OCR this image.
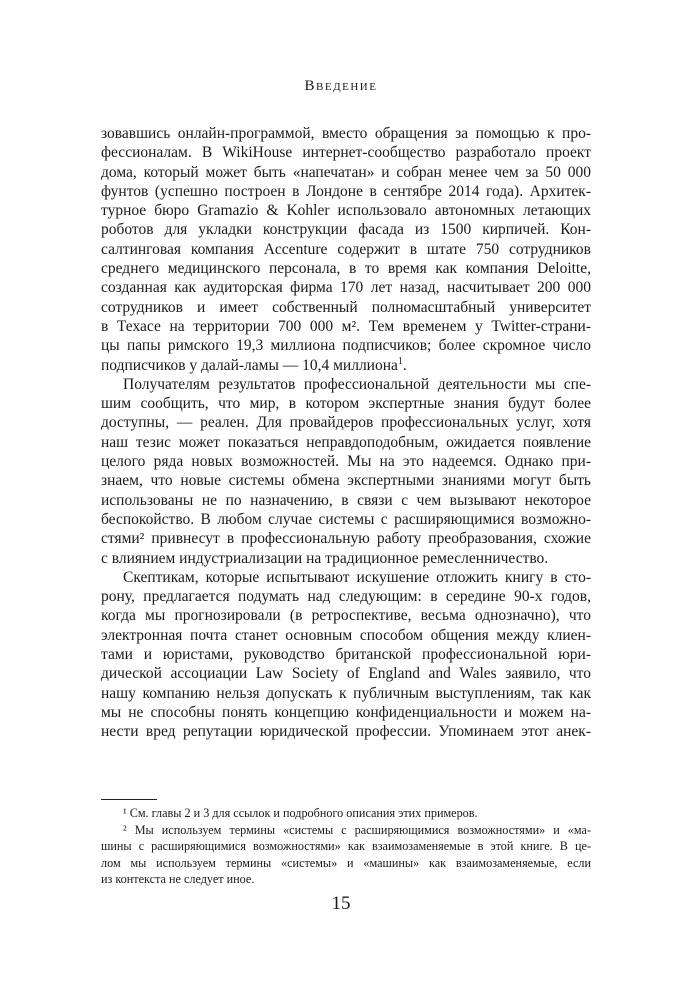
Введение
зовавшись онлайн-программой, вместо обращения за помощью к про-
фессионалам. В WikiHouse интернет-сообщество разработало проект
дома, который может быть «напечатан» и собран менее чем за 50 000
фунтов (успешно построен в Лондоне в сентябре 2014 года). Архитек-
турное бюро Gramazio & Kohler использовало автономных летающих
роботов для укладки конструкции фасада из 1500 кирпичей. Кон-
салтинговая компания Accenture содержит в штате 750 сотрудников
среднего медицинского персонала, в то время как компания Deloitte,
созданная как аудиторская фирма 170 лет назад, насчитывает 200 000
сотрудников и имеет собственный полномасштабный университет
в Техасе на территории 700 000 м². Тем временем у Twitter-страни-
цы папы римского 19,3 миллиона подписчиков; более скромное число
подписчиков у далай-ламы — 10,4 миллиона$^1$.
Получателям результатов профессиональной деятельности мы спе-
шим сообщить, что мир, в котором экспертные знания будут более
доступны, — реален. Для провайдеров профессиональных услуг, хотя
наш тезис может показаться неправдоподобным, ожидается появление
целого ряда новых возможностей. Мы на это надеемся. Однако при-
знаем, что новые системы обмена экспертными знаниями могут быть
использованы не по назначению, в связи с чем вызывают некоторое
беспокойство. В любом случае системы с расширяющимися возможно-
стями² привнесут в профессиональную работу преобразования, схожие
с влиянием индустриализации на традиционное ремесленничество.
Скептикам, которые испытывают искушение отложить книгу в сто-
рону, предлагается подумать над следующим: в середине 90-х годов,
когда мы прогнозировали (в ретроспективе, весьма однозначно), что
электронная почта станет основным способом общения между клиен-
тами и юристами, руководство британской профессиональной юри-
дической ассоциации Law Society of England and Wales заявило, что
нашу компанию нельзя допускать к публичным выступлениям, так как
мы не способны понять концепцию конфиденциальности и можем на-
нести вред репутации юридической профессии. Упоминаем этот анек-
¹ См. главы 2 и 3 для ссылок и подробного описания этих примеров.
² Мы используем термины «системы с расширяющимися возможностями» и «ма-
шины с расширяющимися возможностями» как взаимозаменяемые в этой книге. В це-
лом мы используем термины «системы» и «машины» как взаимозаменяемые, если
из контекста не следует иное.
15
